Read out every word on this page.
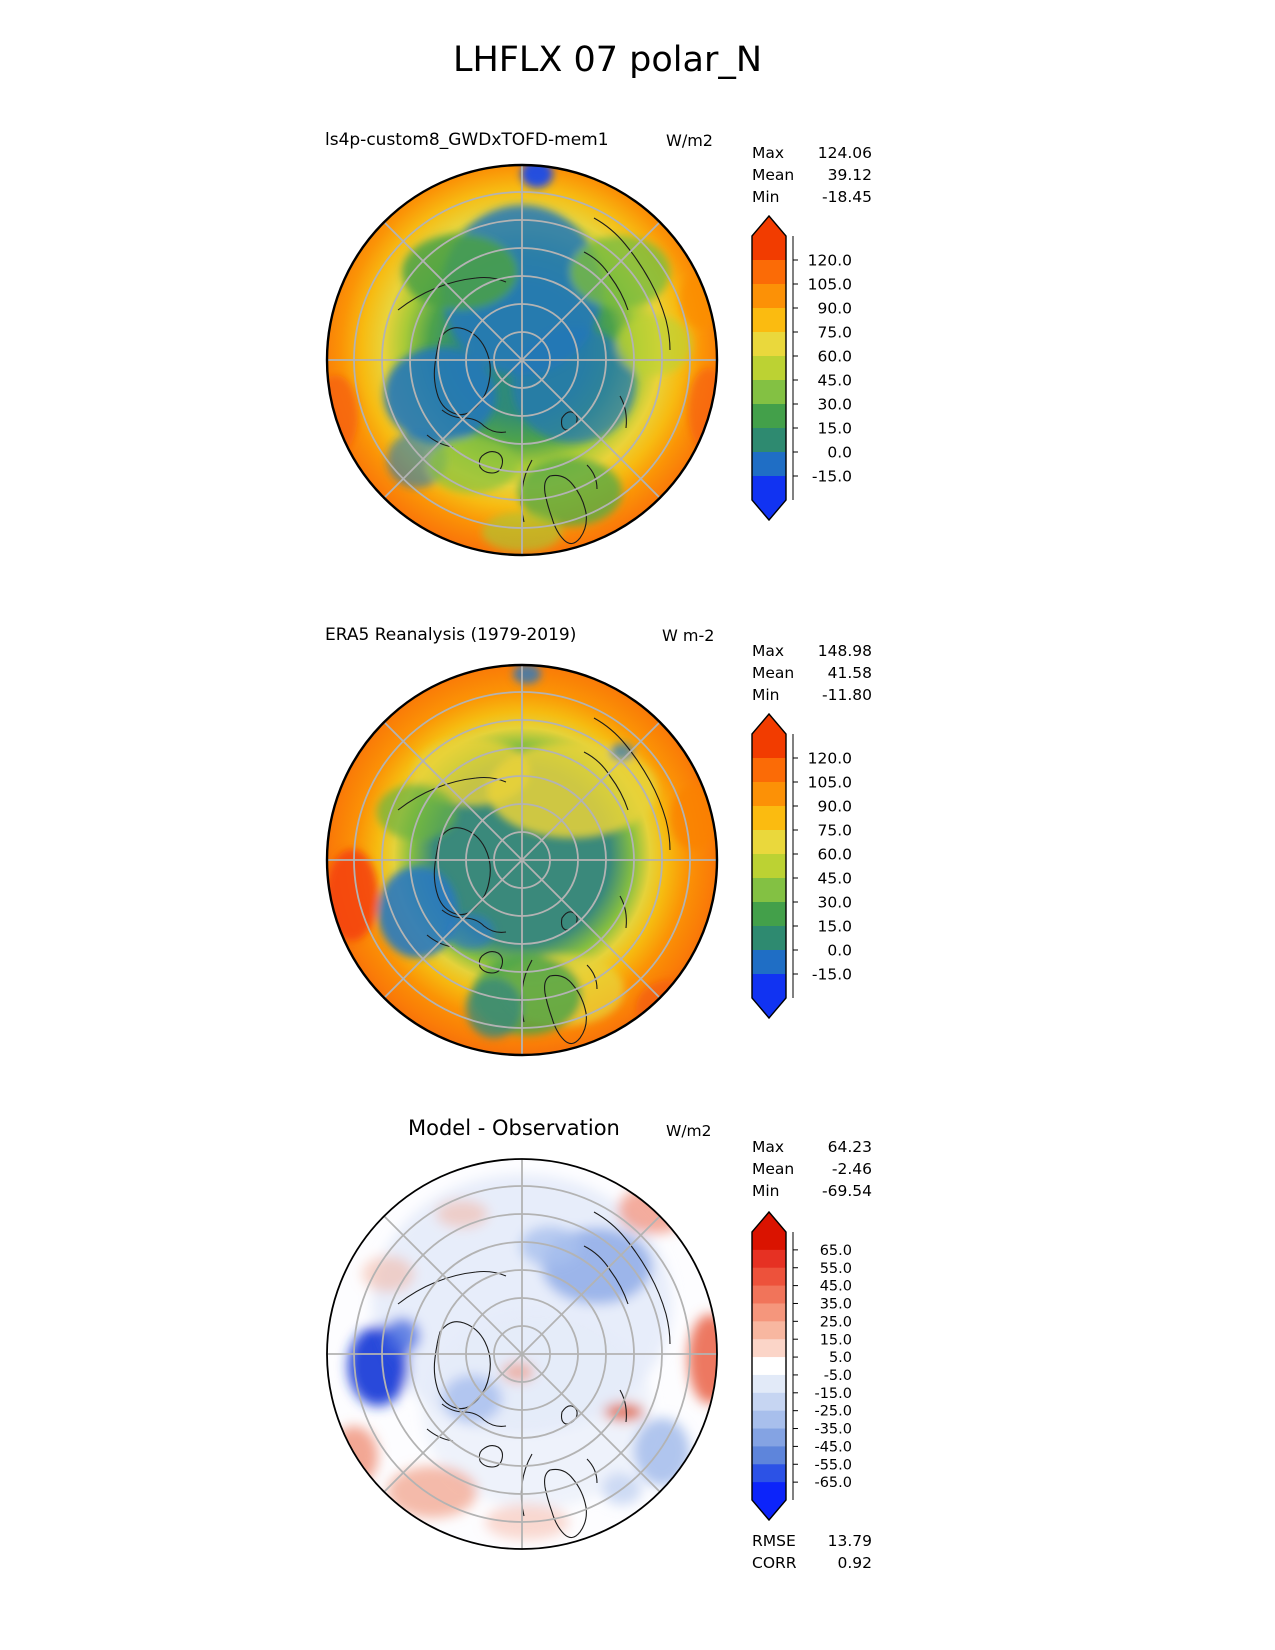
LHFLX 07 polar_N
ls4p-custom8_GWDxTOFD-mem1	W/m2
Max 124.06
Mean 39.12
Min	-18.45
120.0
105.0
90.0
75.0
60.0
45.0
30.0
15.0
0.0
-15.0
ERA5 Reanalysis (1979-2019)	W m-2
Max 148.98
Mean 41.58
Min	-11.80
120.0
105.0
90.0
75.0
60.0
45.0
30.0
15.0
0.0
-15.0
Model - Observation	W/m2
Max	64.23
Mean -2.46
Min	-69.54
65.0
55.0
45.0
35.0
25.0
15.0
5.0
-5.0
-15.0
-25.0
-35.0
-45.0
-55.0
-65.0
RMSE 13.79
CORR	0.92
